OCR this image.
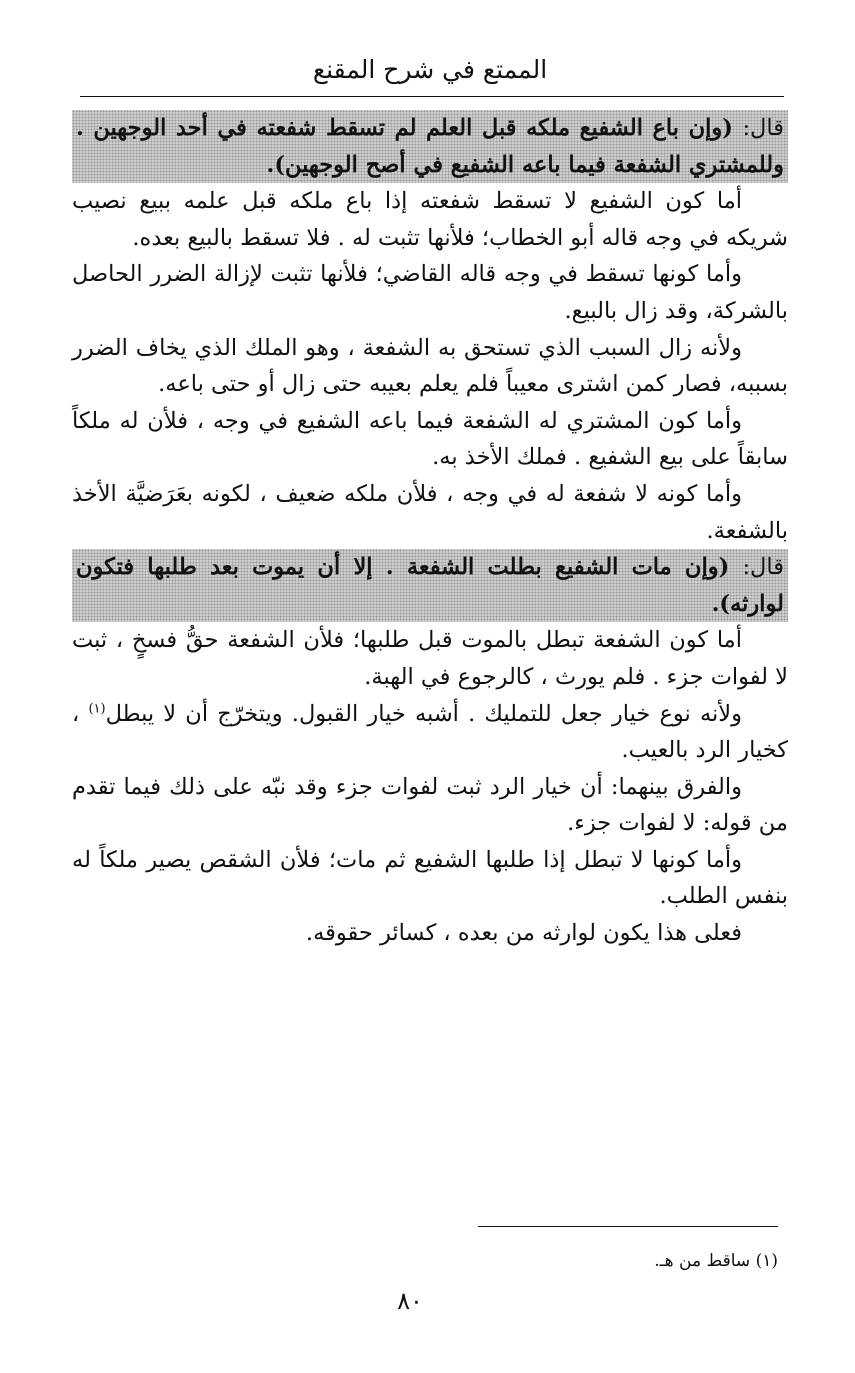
الممتع في شرح المقنع

قال: (وإن باع الشفيع ملكه قبل العلم لم تسقط شفعته في أحد الوجهين . وللمشتري الشفعة فيما باعه الشفيع في أصح الوجهين).

أما كون الشفيع لا تسقط شفعته إذا باع ملكه قبل علمه ببيع نصيب شريكه في وجه قاله أبو الخطاب؛ فلأنها تثبت له . فلا تسقط بالبيع بعده.

وأما كونها تسقط في وجه قاله القاضي؛ فلأنها تثبت لإزالة الضرر الحاصل بالشركة، وقد زال بالبيع.

ولأنه زال السبب الذي تستحق به الشفعة ، وهو الملك الذي يخاف الضرر بسببه، فصار كمن اشترى معيباً فلم يعلم بعيبه حتى زال أو حتى باعه.

وأما كون المشتري له الشفعة فيما باعه الشفيع في وجه ، فلأن له ملكاً سابقاً على بيع الشفيع . فملك الأخذ به.

وأما كونه لا شفعة له في وجه ، فلأن ملكه ضعيف ، لكونه بعَرَضيَّة الأخذ بالشفعة.

قال: (وإن مات الشفيع بطلت الشفعة . إلا أن يموت بعد طلبها فتكون لوارثه).

أما كون الشفعة تبطل بالموت قبل طلبها؛ فلأن الشفعة حقُّ فسخٍ ، ثبت لا لفوات جزء . فلم يورث ، كالرجوع في الهبة.

ولأنه نوع خيار جعل للتمليك . أشبه خيار القبول. ويتخرّج أن لا يبطل$^{(١)}$ ، كخيار الرد بالعيب.

والفرق بينهما: أن خيار الرد ثبت لفوات جزء وقد نبّه على ذلك فيما تقدم من قوله: لا لفوات جزء.

وأما كونها لا تبطل إذا طلبها الشفيع ثم مات؛ فلأن الشقص يصير ملكاً له بنفس الطلب.

فعلى هذا يكون لوارثه من بعده ، كسائر حقوقه.

(١) ساقط من هـ.
٨٠
